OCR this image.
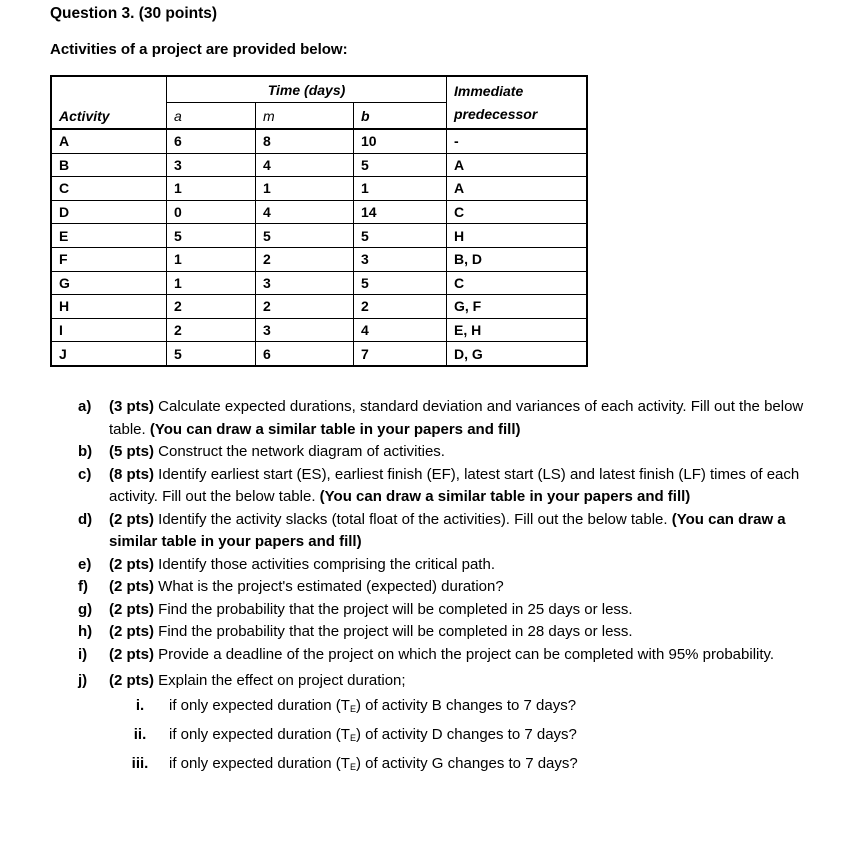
Question 3. (30 points)
Activities of a project are provided below:
Activity	Time (days)			Immediate
predecessor
	a	m	b	
A	6	8	10	-
B	3	4	5	A
C	1	1	1	A
D	0	4	14	C
E	5	5	5	H
F	1	2	3	B, D
G	1	3	5	C
H	2	2	2	G, F
I	2	3	4	E, H
J	5	6	7	D, G
a) (3 pts) Calculate expected durations, standard deviation and variances of each activity. Fill out the below table. (You can draw a similar table in your papers and fill)
b) (5 pts) Construct the network diagram of activities.
c) (8 pts) Identify earliest start (ES), earliest finish (EF), latest start (LS) and latest finish (LF) times of each activity. Fill out the below table. (You can draw a similar table in your papers and fill)
d) (2 pts) Identify the activity slacks (total float of the activities). Fill out the below table. (You can draw a similar table in your papers and fill)
e) (2 pts) Identify those activities comprising the critical path.
f) (2 pts) What is the project's estimated (expected) duration?
g) (2 pts) Find the probability that the project will be completed in 25 days or less.
h) (2 pts) Find the probability that the project will be completed in 28 days or less.
i) (2 pts) Provide a deadline of the project on which the project can be completed with 95% probability.
j) (2 pts) Explain the effect on project duration;
i.	if only expected duration $(T_E)$ of activity B changes to 7 days?
ii.	if only expected duration $(T_E)$ of activity D changes to 7 days?
iii.	if only expected duration $(T_E)$ of activity G changes to 7 days?
